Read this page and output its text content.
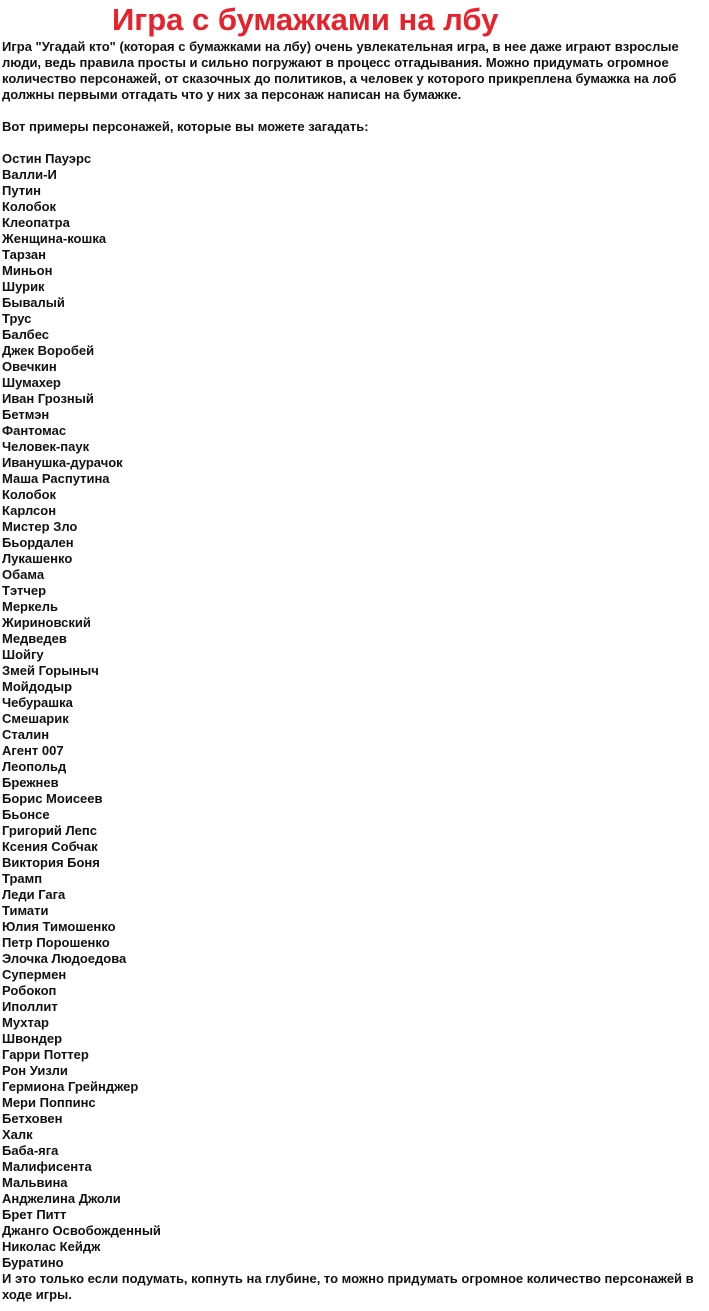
Игра с бумажками на лбу

Игра "Угадай кто" (которая с бумажками на лбу) очень увлекательная игра, в нее даже играют взрослые люди, ведь правила просты и сильно погружают в процесс отгадывания. Можно придумать огромное количество персонажей, от сказочных до политиков, а человек у которого прикреплена бумажка на лоб должны первыми отгадать что у них за персонаж написан на бумажке.

Вот примеры персонажей, которые вы можете загадать:

Остин Пауэрс
Валли-И
Путин
Колобок
Клеопатра
Женщина-кошка
Тарзан
Миньон
Шурик
Бывалый
Трус
Балбес
Джек Воробей
Овечкин
Шумахер
Иван Грозный
Бетмэн
Фантомас
Человек-паук
Иванушка-дурачок
Маша Распутина
Колобок
Карлсон
Мистер Зло
Бьордален
Лукашенко
Обама
Тэтчер
Меркель
Жириновский
Медведев
Шойгу
Змей Горыныч
Мойдодыр
Чебурашка
Смешарик
Сталин
Агент 007
Леопольд
Брежнев
Борис Моисеев
Бьонсе
Григорий Лепс
Ксения Собчак
Виктория Боня
Трамп
Леди Гага
Тимати
Юлия Тимошенко
Петр Порошенко
Элочка Людоедова
Супермен
Робокоп
Иполлит
Мухтар
Швондер
Гарри Поттер
Рон Уизли
Гермиона Грейнджер
Мери Поппинс
Бетховен
Халк
Баба-яга
Малифисента
Мальвина
Анджелина Джоли
Брет Питт
Джанго Освобожденный
Николас Кейдж
Буратино

И это только если подумать, копнуть на глубине, то можно придумать огромное количество персонажей в ходе игры.
